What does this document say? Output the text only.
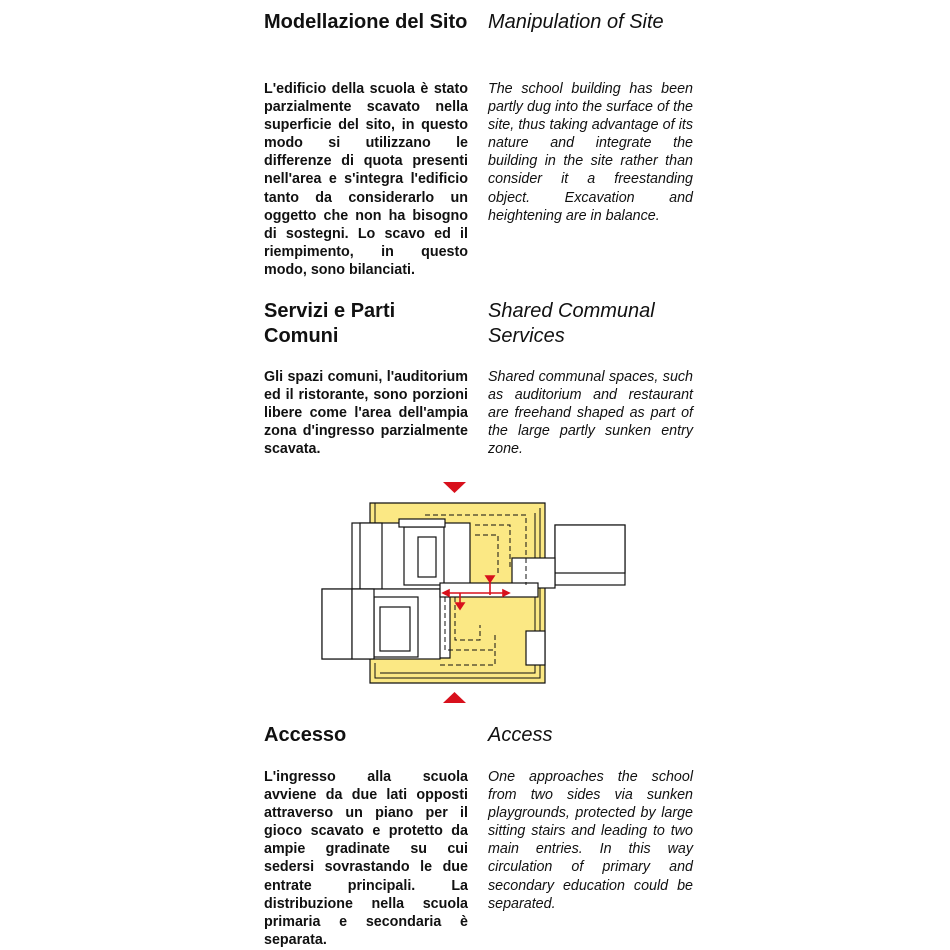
Modellazione del Sito Manipulation of Site

L'edificio della scuola è stato parzialmente scavato nella superficie del sito, in questo modo si utilizzano le differenze di quota presenti nell'area e s'integra l'edificio tanto da considerarlo un oggetto che non ha bisogno di sostegni. Lo scavo ed il riempimento, in questo modo, sono bilanciati.

The school building has been partly dug into the surface of the site, thus taking advantage of its nature and integrate the building in the site rather than consider it a freestanding object. Excavation and heightening are in balance.

Servizi e Parti Comuni
Shared Communal Services

Gli spazi comuni, l'auditorium ed il ristorante, sono porzioni libere come l'area dell'ampia zona d'ingresso parzialmente scavata.

Shared communal spaces, such as auditorium and restaurant are freehand shaped as part of the large partly sunken entry zone.

Accesso	Access

L'ingresso alla scuola avviene da due lati opposti attraverso un piano per il gioco scavato e protetto da ampie gradinate su cui sedersi sovrastando le due entrate principali. La distribuzione nella scuola primaria e secondaria è separata.

One approaches the school from two sides via sunken playgrounds, protected by large sitting stairs and leading to two main entries. In this way circulation of primary and secondary education could be separated.
